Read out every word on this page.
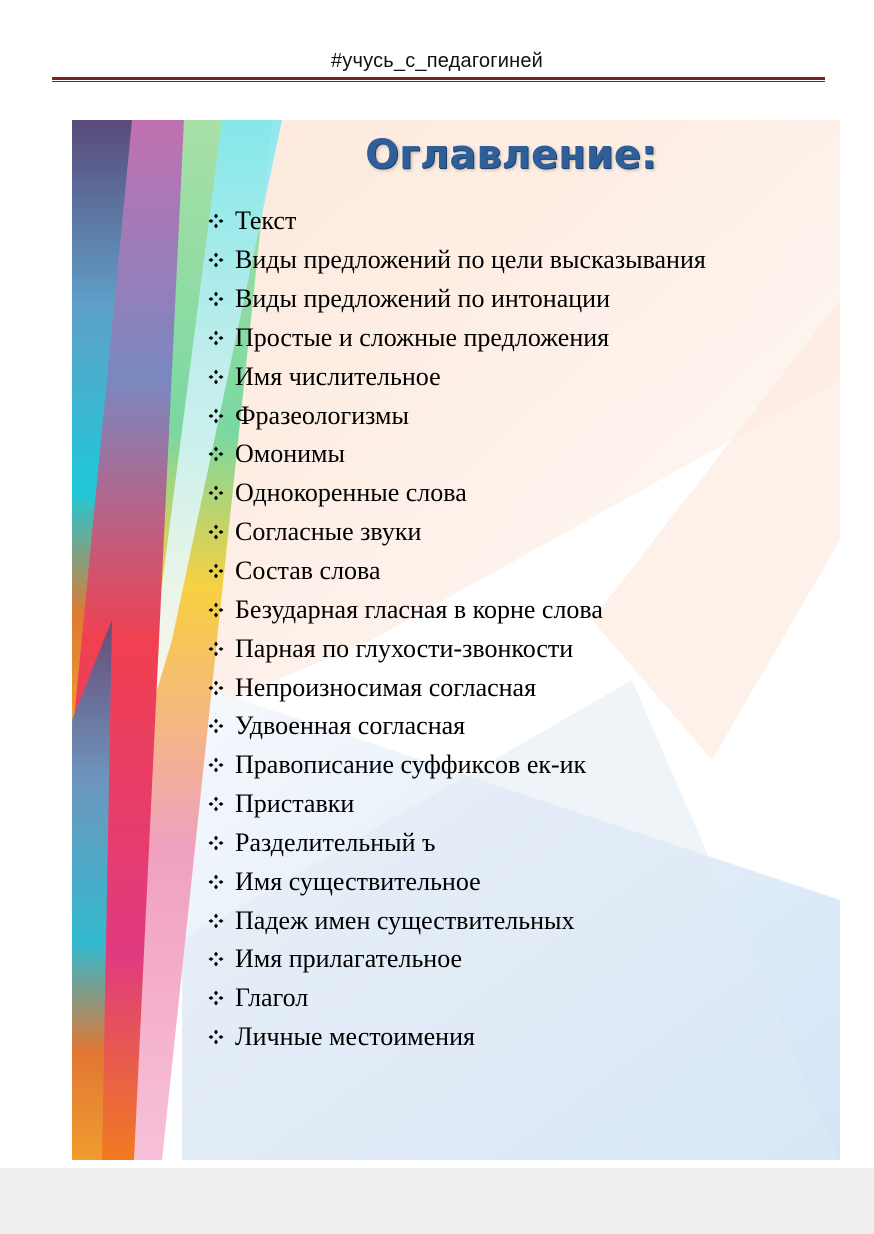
#учусь_с_педагогиней
Оглавление:
Текст
Виды предложений по цели высказывания
Виды предложений по интонации
Простые и сложные предложения
Имя числительное
Фразеологизмы
Омонимы
Однокоренные слова
Согласные звуки
Состав слова
Безударная гласная в корне слова
Парная по глухости-звонкости
Непроизносимая согласная
Удвоенная согласная
Правописание суффиксов ек-ик
Приставки
Разделительный ъ
Имя существительное
Падеж имен существительных
Имя прилагательное
Глагол
Личные местоимения
